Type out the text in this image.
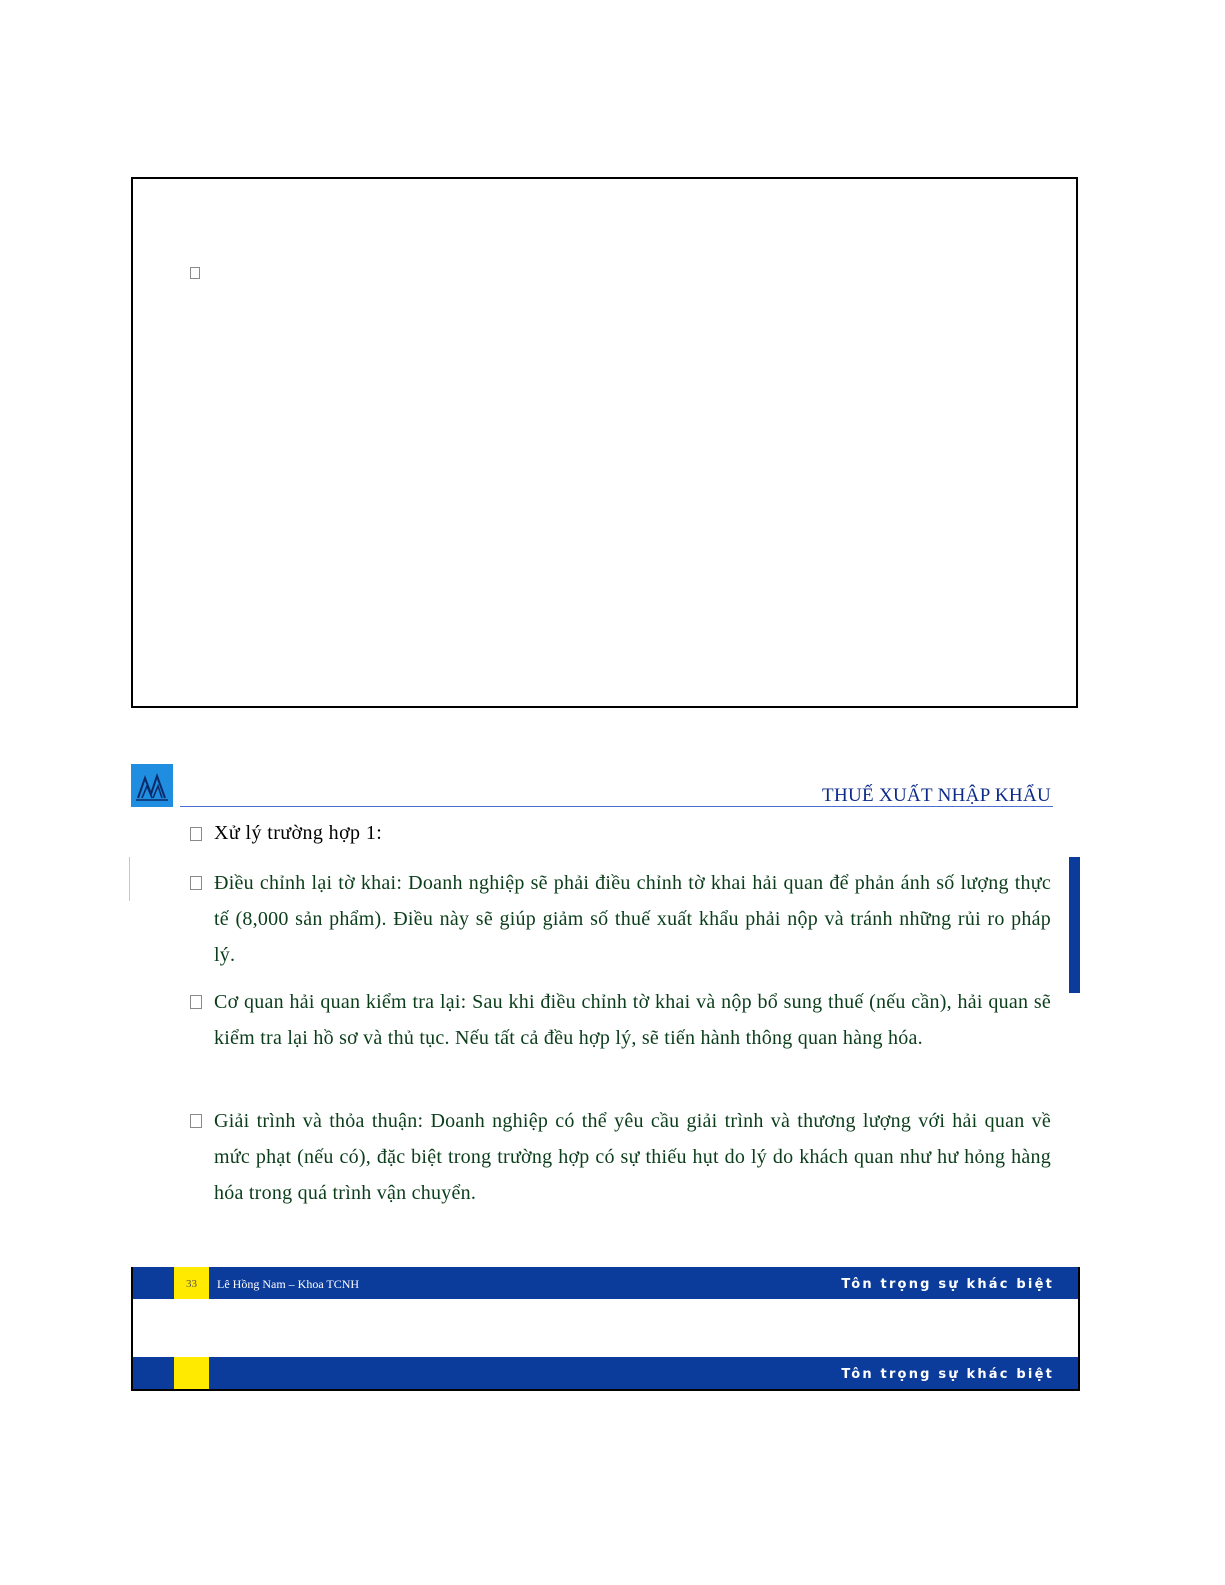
THUẾ XUẤT NHẬP KHẨU
Xử lý trường hợp 1:
Điều chỉnh lại tờ khai: Doanh nghiệp sẽ phải điều chỉnh tờ khai hải quan để phản ánh số lượng thực tế (8,000 sản phẩm). Điều này sẽ giúp giảm số thuế xuất khẩu phải nộp và tránh những rủi ro pháp lý.
Cơ quan hải quan kiểm tra lại: Sau khi điều chỉnh tờ khai và nộp bổ sung thuế (nếu cần), hải quan sẽ kiểm tra lại hồ sơ và thủ tục. Nếu tất cả đều hợp lý, sẽ tiến hành thông quan hàng hóa.
Giải trình và thỏa thuận: Doanh nghiệp có thể yêu cầu giải trình và thương lượng với hải quan về mức phạt (nếu có), đặc biệt trong trường hợp có sự thiếu hụt do lý do khách quan như hư hỏng hàng hóa trong quá trình vận chuyển.
33	Lê Hồng Nam – Khoa TCNH	Tôn trọng sự khác biệt
Tôn trọng sự khác biệt
